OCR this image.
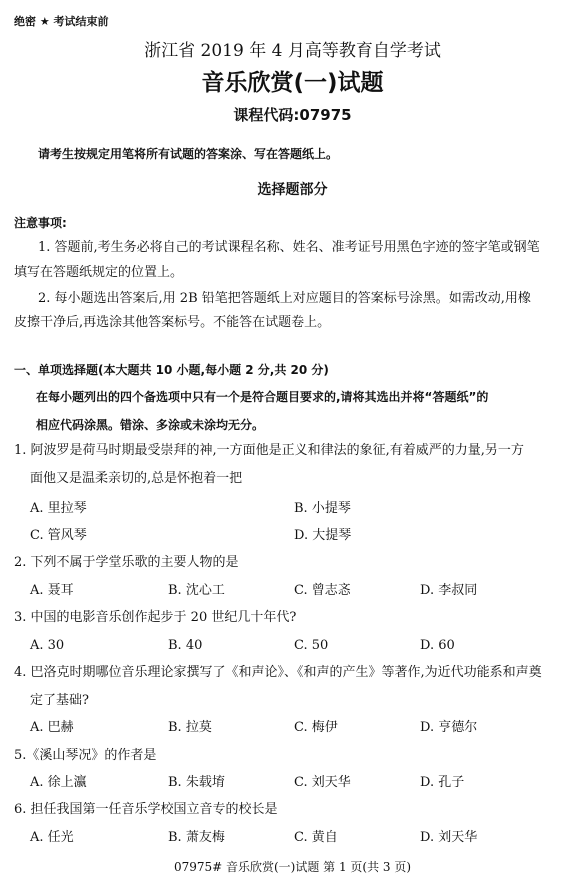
绝密 ★ 考试结束前
浙江省 2019 年 4 月高等教育自学考试
音乐欣赏(一)试题
课程代码:07975
请考生按规定用笔将所有试题的答案涂、写在答题纸上。
选择题部分
注意事项:
1. 答题前,考生务必将自己的考试课程名称、姓名、准考证号用黑色字迹的签字笔或钢笔
填写在答题纸规定的位置上。
2. 每小题选出答案后,用 2B 铅笔把答题纸上对应题目的答案标号涂黑。如需改动,用橡
皮擦干净后,再选涂其他答案标号。不能答在试题卷上。
一、单项选择题(本大题共 10 小题,每小题 2 分,共 20 分)
在每小题列出的四个备选项中只有一个是符合题目要求的,请将其选出并将“答题纸”的
相应代码涂黑。错涂、多涂或未涂均无分。
1. 阿波罗是荷马时期最受崇拜的神,一方面他是正义和律法的象征,有着威严的力量,另一方
面他又是温柔亲切的,总是怀抱着一把
A. 里拉琴	B. 小提琴
C. 管风琴	D. 大提琴
2. 下列不属于学堂乐歌的主要人物的是
A. 聂耳	B. 沈心工	C. 曾志忞	D. 李叔同
3. 中国的电影音乐创作起步于 20 世纪几十年代?
A. 30	B. 40	C. 50	D. 60
4. 巴洛克时期哪位音乐理论家撰写了《和声论》、《和声的产生》等著作,为近代功能系和声奠
定了基础?
A. 巴赫	B. 拉莫	C. 梅伊	D. 亨德尔
5.《溪山琴况》的作者是
A. 徐上瀛	B. 朱载堉	C. 刘天华	D. 孔子
6. 担任我国第一任音乐学校国立音专的校长是
A. 任光	B. 萧友梅	C. 黄自	D. 刘天华
07975# 音乐欣赏(一)试题 第 1 页(共 3 页)
